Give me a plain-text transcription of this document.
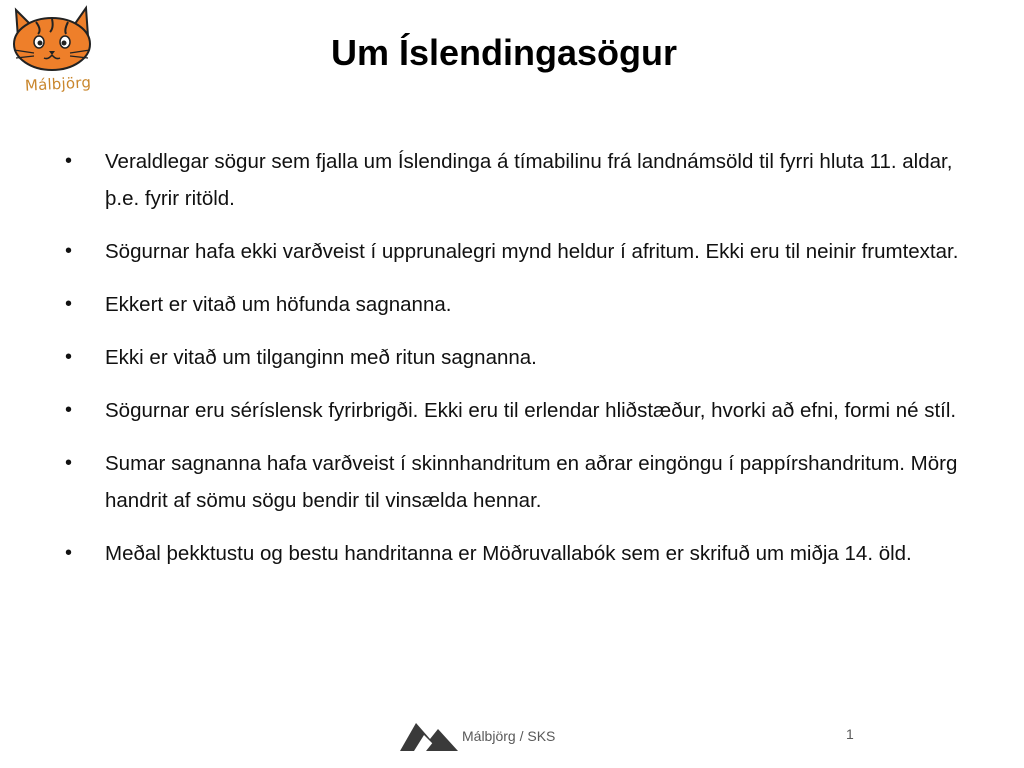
Málbjörg
Um Íslendingasögur
•	Veraldlegar sögur sem fjalla um Íslendinga á tímabilinu frá landnámsöld til fyrri hluta 11. aldar, þ.e. fyrir ritöld.
•	Sögurnar hafa ekki varðveist í upprunalegri mynd heldur í afritum. Ekki eru til neinir frumtextar.
•	Ekkert er vitað um höfunda sagnanna.
•	Ekki er vitað um tilganginn með ritun sagnanna.
•	Sögurnar eru séríslensk fyrirbrigði. Ekki eru til erlendar hliðstæður, hvorki að efni, formi né stíl.
•	Sumar sagnanna hafa varðveist í skinnhandritum en aðrar eingöngu í pappírshandritum. Mörg handrit af sömu sögu bendir til vinsælda hennar.
•	Meðal þekktustu og bestu handritanna er Möðruvallabók sem er skrifuð um miðja 14. öld.
Málbjörg / SKS	1
